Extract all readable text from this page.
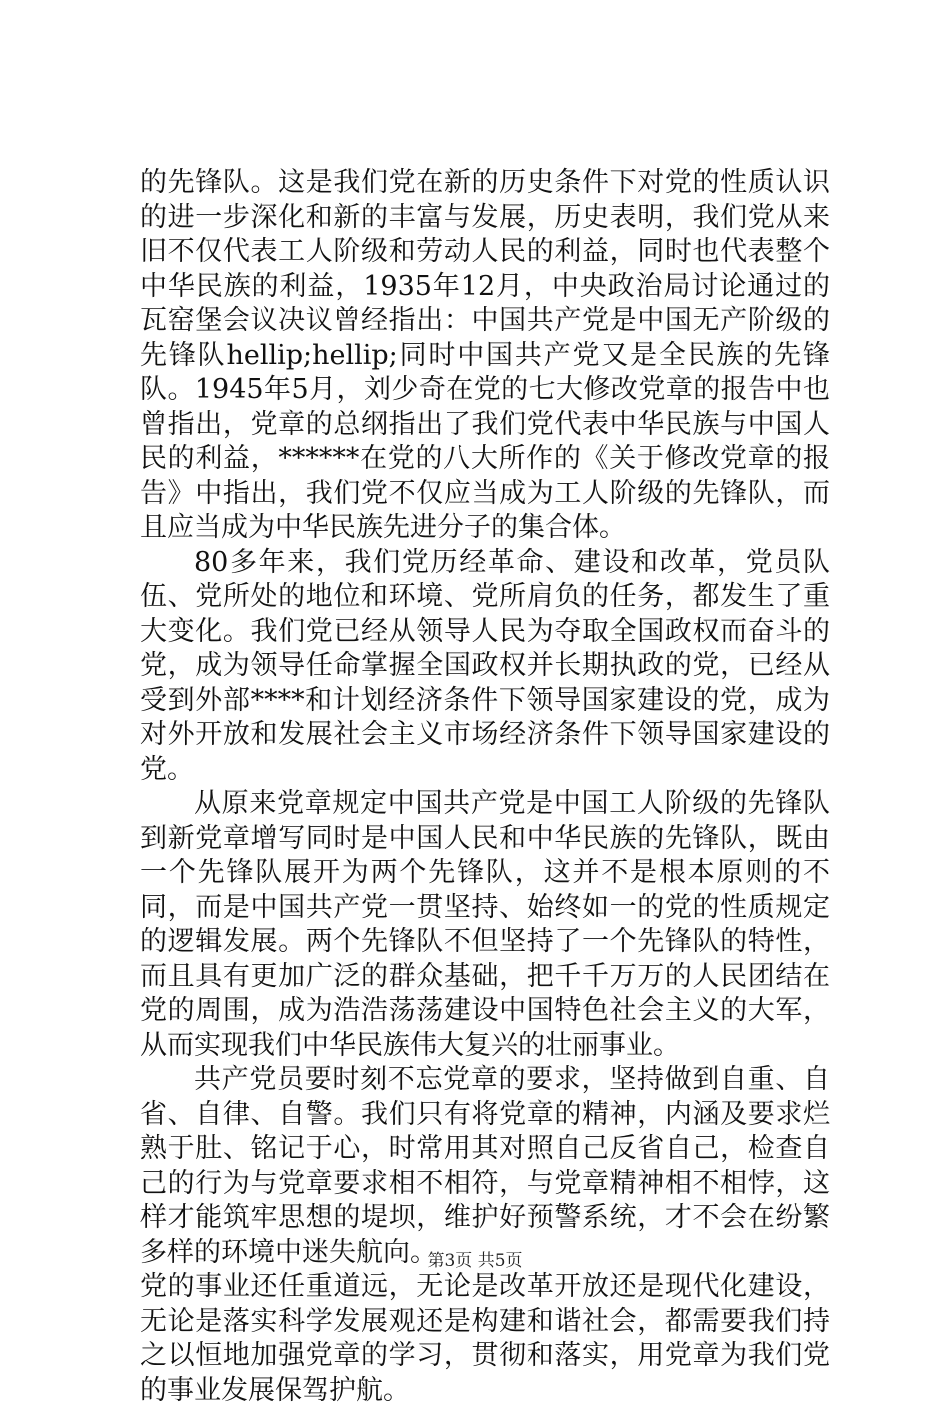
的先锋队。这是我们党在新的历史条件下对党的性质认识的进一步深化和新的丰富与发展，历史表明，我们党从来旧不仅代表工人阶级和劳动人民的利益，同时也代表整个中华民族的利益，1935年12月，中央政治局讨论通过的瓦窑堡会议决议曾经指出：中国共产党是中国无产阶级的先锋队hellip;hellip;同时中国共产党又是全民族的先锋队。1945年5月，刘少奇在党的七大修改党章的报告中也曾指出，党章的总纲指出了我们党代表中华民族与中国人民的利益，******在党的八大所作的《关于修改党章的报告》中指出，我们党不仅应当成为工人阶级的先锋队，而且应当成为中华民族先进分子的集合体。

80多年来，我们党历经革命、建设和改革，党员队伍、党所处的地位和环境、党所肩负的任务，都发生了重大变化。我们党已经从领导人民为夺取全国政权而奋斗的党，成为领导任命掌握全国政权并长期执政的党，已经从受到外部****和计划经济条件下领导国家建设的党，成为对外开放和发展社会主义市场经济条件下领导国家建设的党。

从原来党章规定中国共产党是中国工人阶级的先锋队到新党章增写同时是中国人民和中华民族的先锋队，既由一个先锋队展开为两个先锋队，这并不是根本原则的不同，而是中国共产党一贯坚持、始终如一的党的性质规定的逻辑发展。两个先锋队不但坚持了一个先锋队的特性，而且具有更加广泛的群众基础，把千千万万的人民团结在党的周围，成为浩浩荡荡建设中国特色社会主义的大军，从而实现我们中华民族伟大复兴的壮丽事业。

共产党员要时刻不忘党章的要求，坚持做到自重、自省、自律、自警。我们只有将党章的精神，内涵及要求烂熟于肚、铭记于心，时常用其对照自己反省自己，检查自己的行为与党章要求相不相符，与党章精神相不相悖，这样才能筑牢思想的堤坝，维护好预警系统，才不会在纷繁多样的环境中迷失航向。

党的事业还任重道远，无论是改革开放还是现代化建设，无论是落实科学发展观还是构建和谐社会，都需要我们持之以恒地加强党章的学习，贯彻和落实，用党章为我们党的事业发展保驾护航。

第3页 共5页
